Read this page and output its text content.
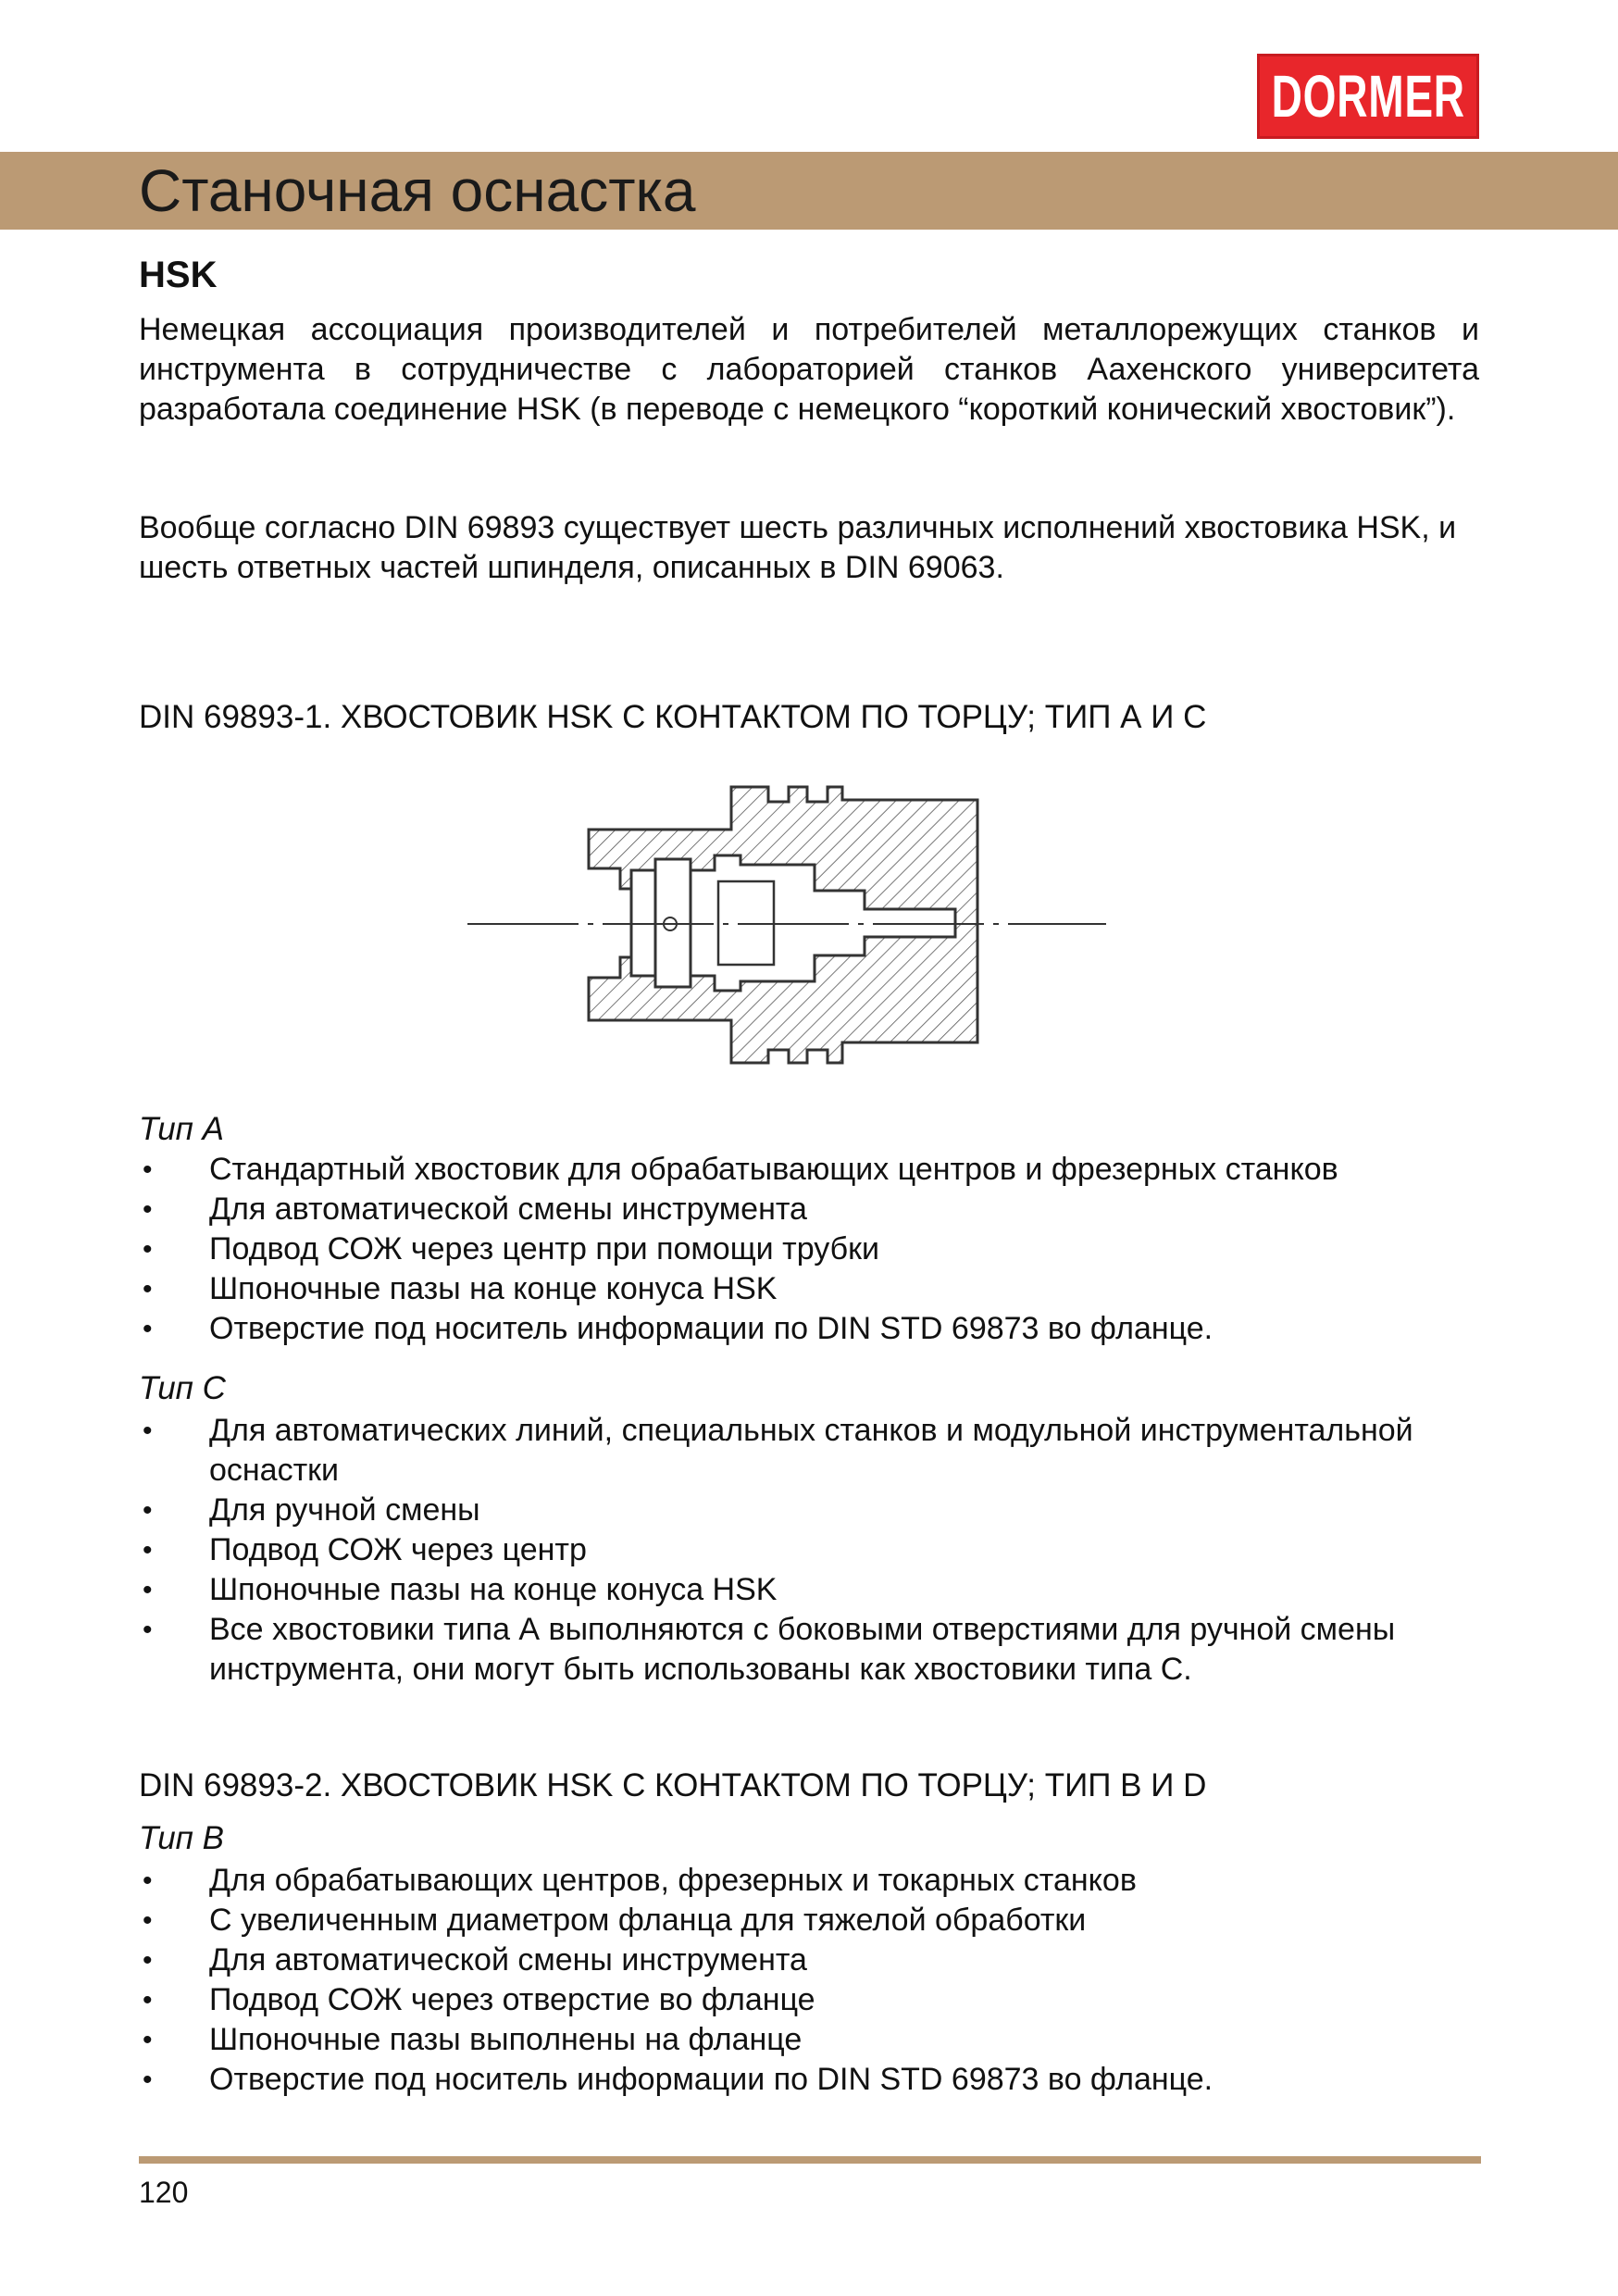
DORMER
Станочная оснастка
HSK

Немецкая ассоциация производителей и потребителей металлорежущих станков и инструмента в сотрудничестве с лабораторией станков Аахенского университета разработала соединение HSK (в переводе с немецкого “короткий конический хвостовик”).

Вообще согласно DIN 69893 существует шесть различных исполнений хвостовика HSK, и шесть ответных частей шпинделя, описанных в DIN 69063.

DIN 69893-1. ХВОСТОВИК HSK С КОНТАКТОМ ПО ТОРЦУ; ТИП А И С

Тип А

• Стандартный хвостовик для обрабатывающих центров и фрезерных станков
• Для автоматической смены инструмента
• Подвод СОЖ через центр при помощи трубки
• Шпоночные пазы на конце конуса HSK
• Отверстие под носитель информации по DIN STD 69873 во фланце.

Тип С

• Для автоматических линий, специальных станков и модульной инструментальной оснастки
• Для ручной смены
• Подвод СОЖ через центр
• Шпоночные пазы на конце конуса HSK
• Все хвостовики типа А выполняются с боковыми отверстиями для ручной смены инструмента, они могут быть использованы как хвостовики типа С.
DIN 69893-2. ХВОСТОВИК HSK С КОНТАКТОМ ПО ТОРЦУ; ТИП В И D

Тип В

• Для обрабатывающих центров, фрезерных и токарных станков
• С увеличенным диаметром фланца для тяжелой обработки
• Для автоматической смены инструмента
• Подвод СОЖ через отверстие во фланце
• Шпоночные пазы выполнены на фланце
• Отверстие под носитель информации по DIN STD 69873 во фланце.

120
